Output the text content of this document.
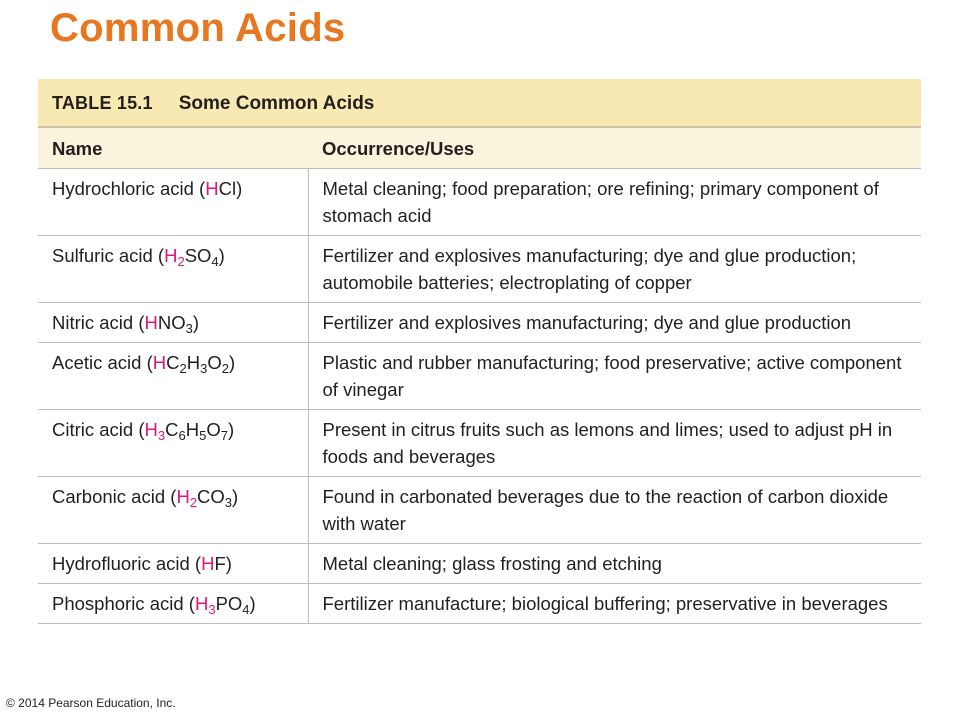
Common Acids
TABLE 15.1 Some Common Acids	
Name	Occurrence/Uses
Hydrochloric acid (HCl)	Metal cleaning; food preparation; ore refining; primary component of stomach acid
Sulfuric acid $(H_2SO_4)$	Fertilizer and explosives manufacturing; dye and glue production; automobile batteries; electroplating of copper
Nitric acid $(HNO_3)$	Fertilizer and explosives manufacturing; dye and glue production
Acetic acid $(HC_2H_3O_2)$	Plastic and rubber manufacturing; food preservative; active component of vinegar
Citric acid $(H_3C_6H_5O_7)$	Present in citrus fruits such as lemons and limes; used to adjust pH in foods and beverages
Carbonic acid $(H_2CO_3)$	Found in carbonated beverages due to the reaction of carbon dioxide with water
Hydrofluoric acid (HF)	Metal cleaning; glass frosting and etching
Phosphoric acid $(H_3PO_4)$	Fertilizer manufacture; biological buffering; preservative in beverages
© 2014 Pearson Education, Inc.
